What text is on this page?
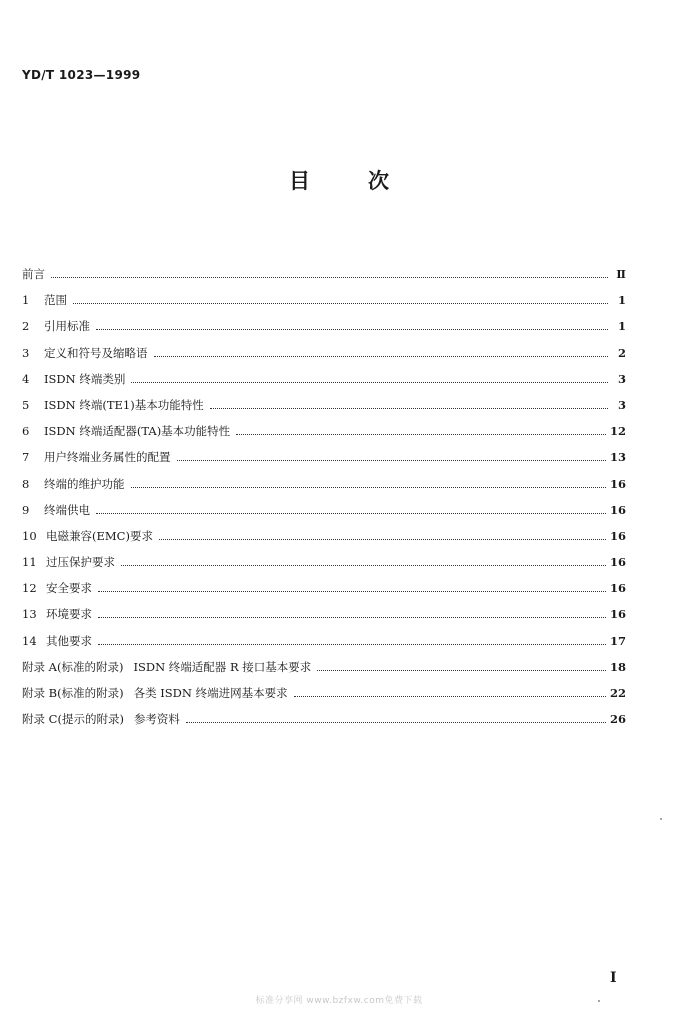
YD/T 1023—1999
目次
前言	Ⅱ
1	范围	1
2	引用标准	1
3	定义和符号及缩略语	2
4	ISDN 终端类别	3
5	ISDN 终端(TE1)基本功能特性	3
6	ISDN 终端适配器(TA)基本功能特性	12
7	用户终端业务属性的配置	13
8	终端的维护功能	16
9	终端供电	16
10 电磁兼容(EMC)要求	16
11 过压保护要求	16
12 安全要求	16
13 环境要求	16
14 其他要求	17
附录 A(标准的附录) ISDN 终端适配器 R 接口基本要求	18
附录 B(标准的附录) 各类 ISDN 终端进网基本要求	22
附录 C(提示的附录) 参考资料	26
I
标准分享网 www.bzfxw.com免费下载
